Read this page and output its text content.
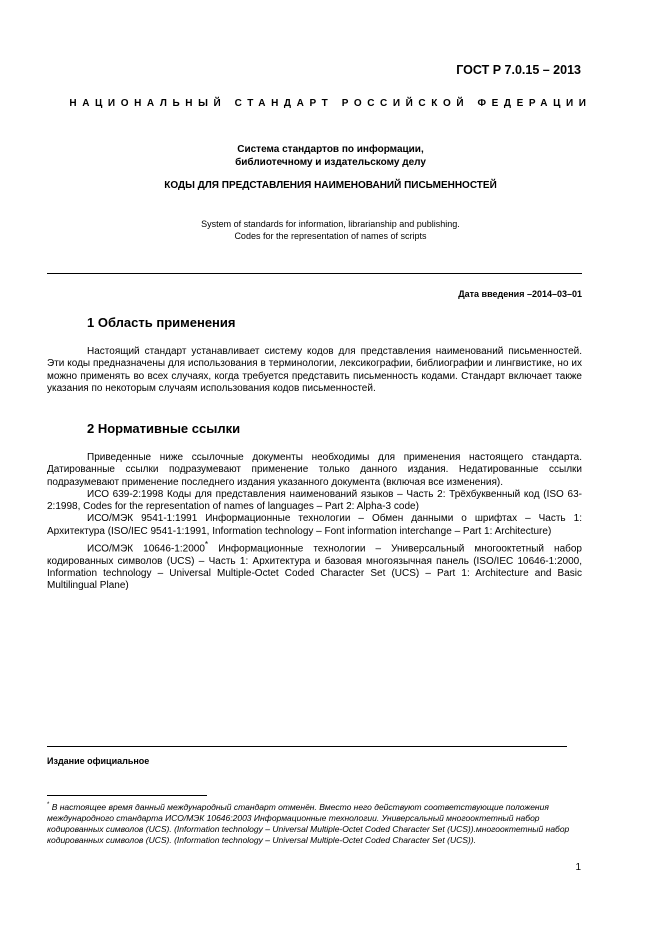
ГОСТ Р 7.0.15 – 2013
НАЦИОНАЛЬНЫЙ СТАНДАРТ РОССИЙСКОЙ ФЕДЕРАЦИИ
Система стандартов по информации,
библиотечному и издательскому делу
КОДЫ ДЛЯ ПРЕДСТАВЛЕНИЯ НАИМЕНОВАНИЙ ПИСЬМЕННОСТЕЙ
System of standards for information, librarianship and publishing.
Codes for the representation of names of scripts
Дата введения –2014–03–01
1 Область применения

Настоящий стандарт устанавливает систему кодов для представления наименований письменностей. Эти коды предназначены для использования в терминологии, лексикографии, библиографии и лингвистике, но их можно применять во всех случаях, когда требуется представить письменность кодами. Стандарт включает также указания по некоторым случаям использования кодов письменностей.

2 Нормативные ссылки

Приведенные ниже ссылочные документы необходимы для применения настоящего стандарта. Датированные ссылки подразумевают применение только данного издания. Недатированные ссылки подразумевают применение последнего издания указанного документа (включая все изменения).

ИСО 639-2:1998 Коды для представления наименований языков – Часть 2: Трёхбуквенный код (ISO 63-2:1998, Codes for the representation of names of languages – Part 2: Alpha-3 code)

ИСО/МЭК 9541-1:1991 Информационные технологии – Обмен данными о шрифтах – Часть 1: Архитектура (ISO/IEC 9541-1:1991, Information technology – Font information interchange – Part 1: Architecture)

ИСО/МЭК 10646-1:2000* Информационные технологии – Универсальный многооктетный набор кодированных символов (UCS) – Часть 1: Архитектура и базовая многоязычная панель (ISO/IEC 10646-1:2000, Information technology – Universal Multiple-Octet Coded Character Set (UCS) – Part 1: Architecture and Basic Multilingual Plane)

Издание официальное
* В настоящее время данный международный стандарт отменён. Вместо него действуют соответствующие положения международного стандарта ИСО/МЭК 10646:2003 Информационные технологии. Универсальный многооктетный набор кодированных символов (UCS). (Information technology – Universal Multiple-Octet Coded Character Set (UCS)).многооктетный набор кодированных символов (UCS). (Information technology – Universal Multiple-Octet Coded Character Set (UCS)).
1
